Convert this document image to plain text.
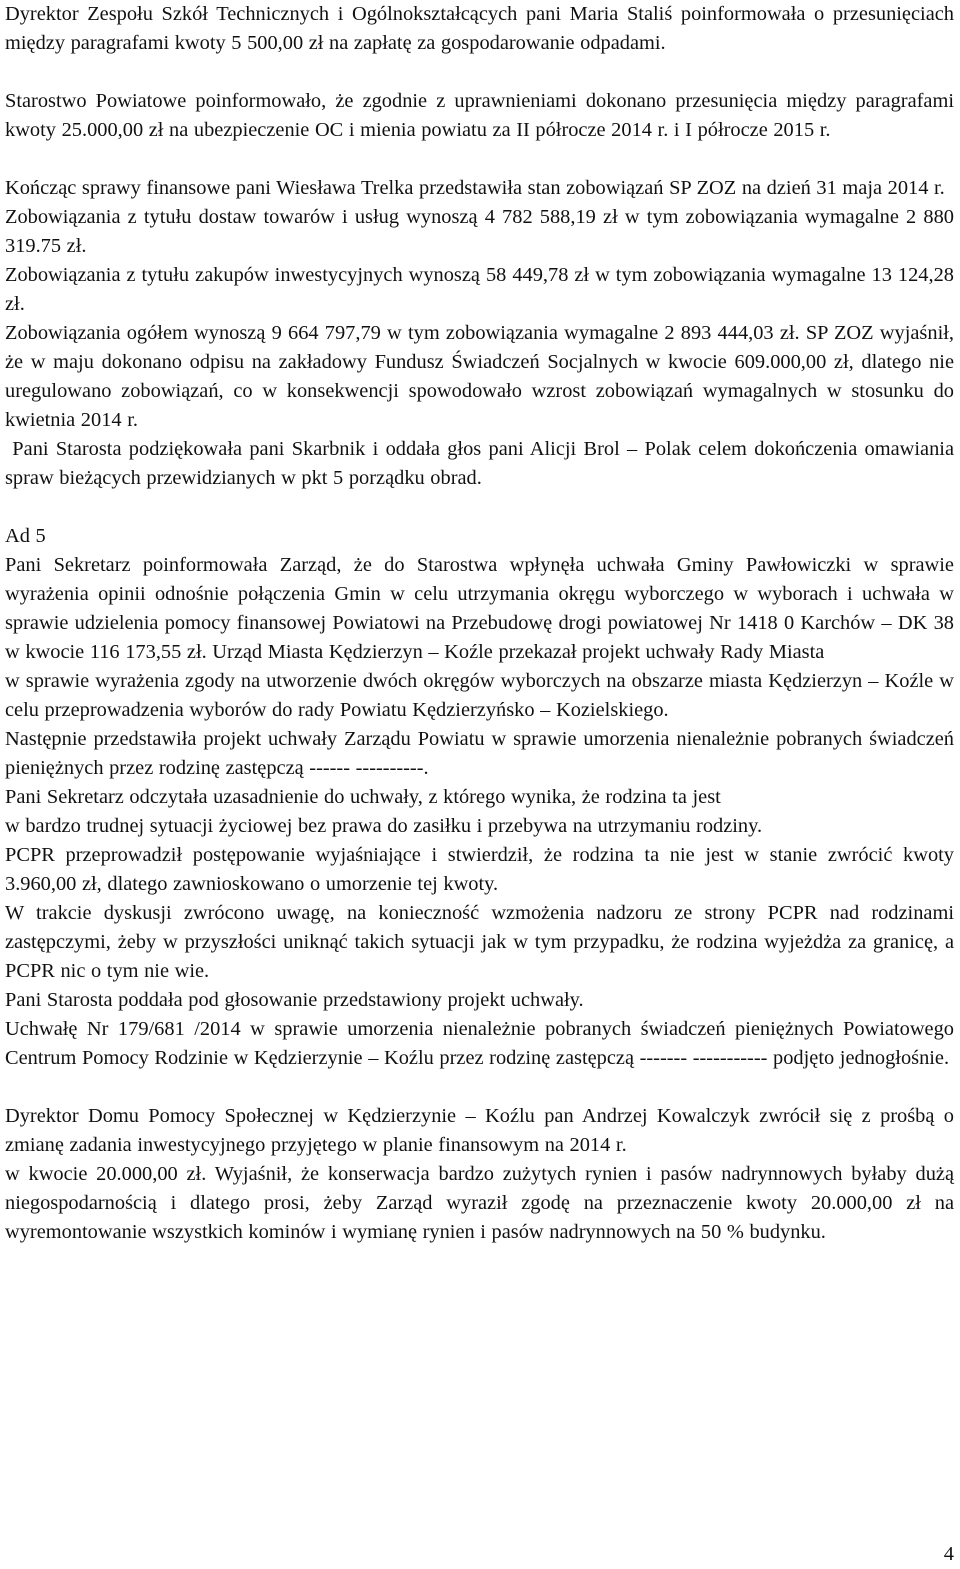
Dyrektor Zespołu Szkół Technicznych i Ogólnokształcących pani Maria Staliś poinformowała o przesunięciach między paragrafami kwoty 5 500,00 zł na zapłatę za gospodarowanie odpadami.

Starostwo Powiatowe poinformowało, że zgodnie z uprawnieniami dokonano przesunięcia między paragrafami kwoty 25.000,00 zł na ubezpieczenie OC i mienia powiatu za II półrocze 2014 r. i I półrocze 2015 r.

Kończąc sprawy finansowe pani Wiesława Trelka przedstawiła stan zobowiązań SP ZOZ na dzień 31 maja 2014 r.

Zobowiązania z tytułu dostaw towarów i usług wynoszą 4 782 588,19 zł w tym zobowiązania wymagalne 2 880 319.75 zł.

Zobowiązania z tytułu zakupów inwestycyjnych wynoszą 58 449,78 zł w tym zobowiązania wymagalne 13 124,28 zł.

Zobowiązania ogółem wynoszą 9 664 797,79 w tym zobowiązania wymagalne 2 893 444,03 zł. SP ZOZ wyjaśnił, że w maju dokonano odpisu na zakładowy Fundusz Świadczeń Socjalnych w kwocie 609.000,00 zł, dlatego nie uregulowano zobowiązań, co w konsekwencji spowodowało wzrost zobowiązań wymagalnych w stosunku do kwietnia 2014 r.

Pani Starosta podziękowała pani Skarbnik i oddała głos pani Alicji Brol – Polak celem dokończenia omawiania spraw bieżących przewidzianych w pkt 5 porządku obrad.

Ad 5

Pani Sekretarz poinformowała Zarząd, że do Starostwa wpłynęła uchwała Gminy Pawłowiczki w sprawie wyrażenia opinii odnośnie połączenia Gmin w celu utrzymania okręgu wyborczego w wyborach i uchwała w sprawie udzielenia pomocy finansowej Powiatowi na Przebudowę drogi powiatowej Nr 1418 0 Karchów – DK 38 w kwocie 116 173,55 zł. Urząd Miasta Kędzierzyn – Koźle przekazał projekt uchwały Rady Miasta

w sprawie wyrażenia zgody na utworzenie dwóch okręgów wyborczych na obszarze miasta Kędzierzyn – Koźle w celu przeprowadzenia wyborów do rady Powiatu Kędzierzyńsko – Kozielskiego.

Następnie przedstawiła projekt uchwały Zarządu Powiatu w sprawie umorzenia nienależnie pobranych świadczeń pieniężnych przez rodzinę zastępczą ------ ----------.

Pani Sekretarz odczytała uzasadnienie do uchwały, z którego wynika, że rodzina ta jest

w bardzo trudnej sytuacji życiowej bez prawa do zasiłku i przebywa na utrzymaniu rodziny.

PCPR przeprowadził postępowanie wyjaśniające i stwierdził, że rodzina ta nie jest w stanie zwrócić kwoty 3.960,00 zł, dlatego zawnioskowano o umorzenie tej kwoty.

W trakcie dyskusji zwrócono uwagę, na konieczność wzmożenia nadzoru ze strony PCPR nad rodzinami zastępczymi, żeby w przyszłości uniknąć takich sytuacji jak w tym przypadku, że rodzina wyjeżdża za granicę, a PCPR nic o tym nie wie.

Pani Starosta poddała pod głosowanie przedstawiony projekt uchwały.

Uchwałę Nr 179/681 /2014 w sprawie umorzenia nienależnie pobranych świadczeń pieniężnych Powiatowego Centrum Pomocy Rodzinie w Kędzierzynie – Koźlu przez rodzinę zastępczą ------- ----------- podjęto jednogłośnie.

Dyrektor Domu Pomocy Społecznej w Kędzierzynie – Koźlu pan Andrzej Kowalczyk zwrócił się z prośbą o zmianę zadania inwestycyjnego przyjętego w planie finansowym na 2014 r.

w kwocie 20.000,00 zł. Wyjaśnił, że konserwacja bardzo zużytych rynien i pasów nadrynnowych byłaby dużą niegospodarnością i dlatego prosi, żeby Zarząd wyraził zgodę na przeznaczenie kwoty 20.000,00 zł na wyremontowanie wszystkich kominów i wymianę rynien i pasów nadrynnowych na 50 % budynku.

4
